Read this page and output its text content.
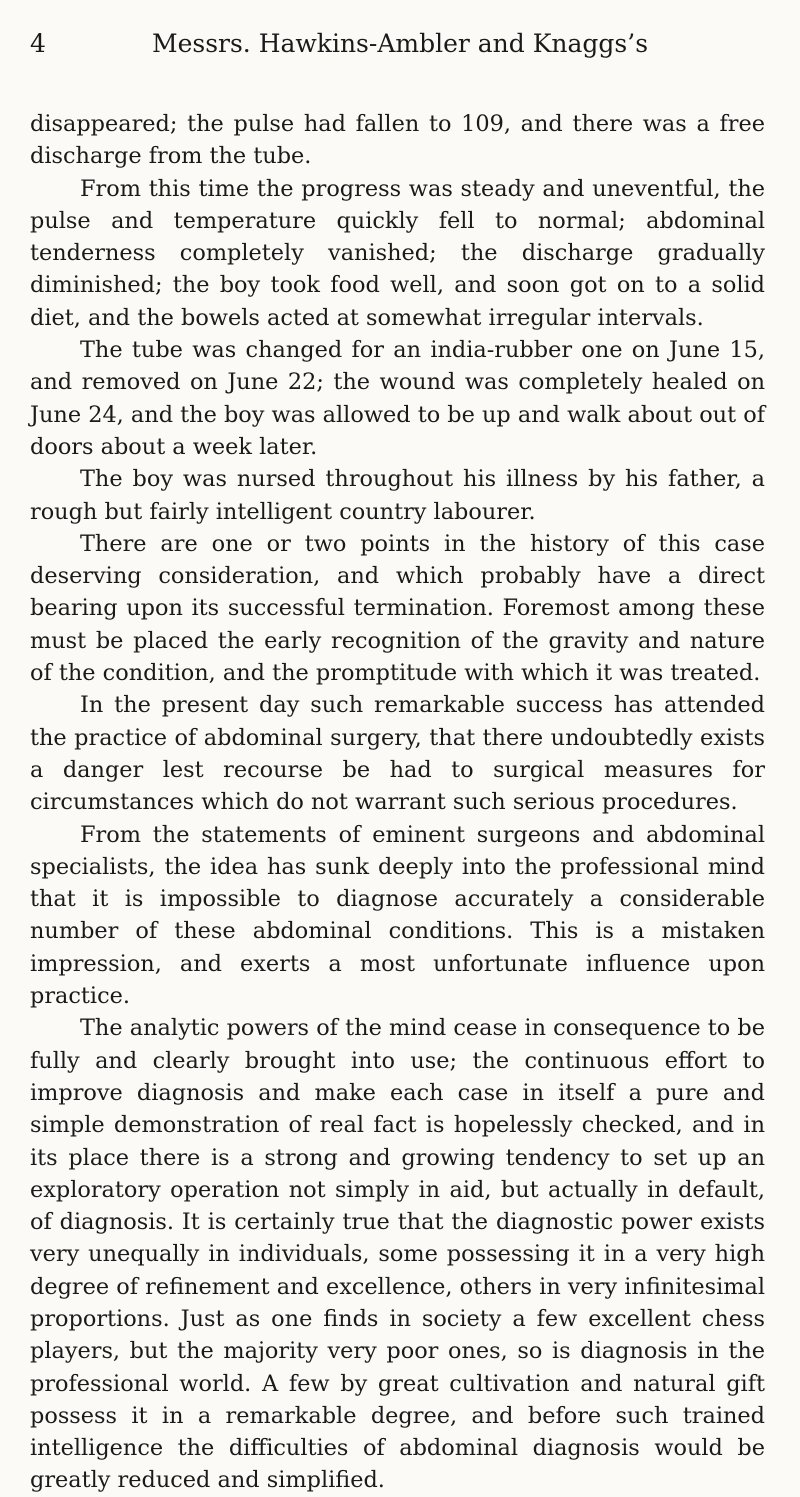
4	Messrs. Hawkins-Ambler and Knaggs’s

disappeared; the pulse had fallen to 109, and there was a free discharge from the tube.

From this time the progress was steady and uneventful, the pulse and temperature quickly fell to normal; abdominal tenderness completely vanished; the discharge gradually diminished; the boy took food well, and soon got on to a solid diet, and the bowels acted at somewhat irregular intervals.

The tube was changed for an india-rubber one on June 15, and removed on June 22; the wound was completely healed on June 24, and the boy was allowed to be up and walk about out of doors about a week later.

The boy was nursed throughout his illness by his father, a rough but fairly intelligent country labourer.

There are one or two points in the history of this case deserving consideration, and which probably have a direct bearing upon its successful termination. Foremost among these must be placed the early recognition of the gravity and nature of the condition, and the promptitude with which it was treated.

In the present day such remarkable success has attended the practice of abdominal surgery, that there undoubtedly exists a danger lest recourse be had to surgical measures for circumstances which do not warrant such serious procedures.

From the statements of eminent surgeons and abdominal specialists, the idea has sunk deeply into the professional mind that it is impossible to diagnose accurately a considerable number of these abdominal conditions. This is a mistaken impression, and exerts a most unfortunate influence upon practice.

The analytic powers of the mind cease in consequence to be fully and clearly brought into use; the continuous effort to improve diagnosis and make each case in itself a pure and simple demonstration of real fact is hopelessly checked, and in its place there is a strong and growing tendency to set up an exploratory operation not simply in aid, but actually in default, of diagnosis. It is certainly true that the diagnostic power exists very unequally in individuals, some possessing it in a very high degree of refinement and excellence, others in very infinitesimal proportions. Just as one finds in society a few excellent chess players, but the majority very poor ones, so is diagnosis in the professional world. A few by great cultivation and natural gift possess it in a remarkable degree, and before such trained intelligence the difficulties of abdominal diagnosis would be greatly reduced and simplified.
